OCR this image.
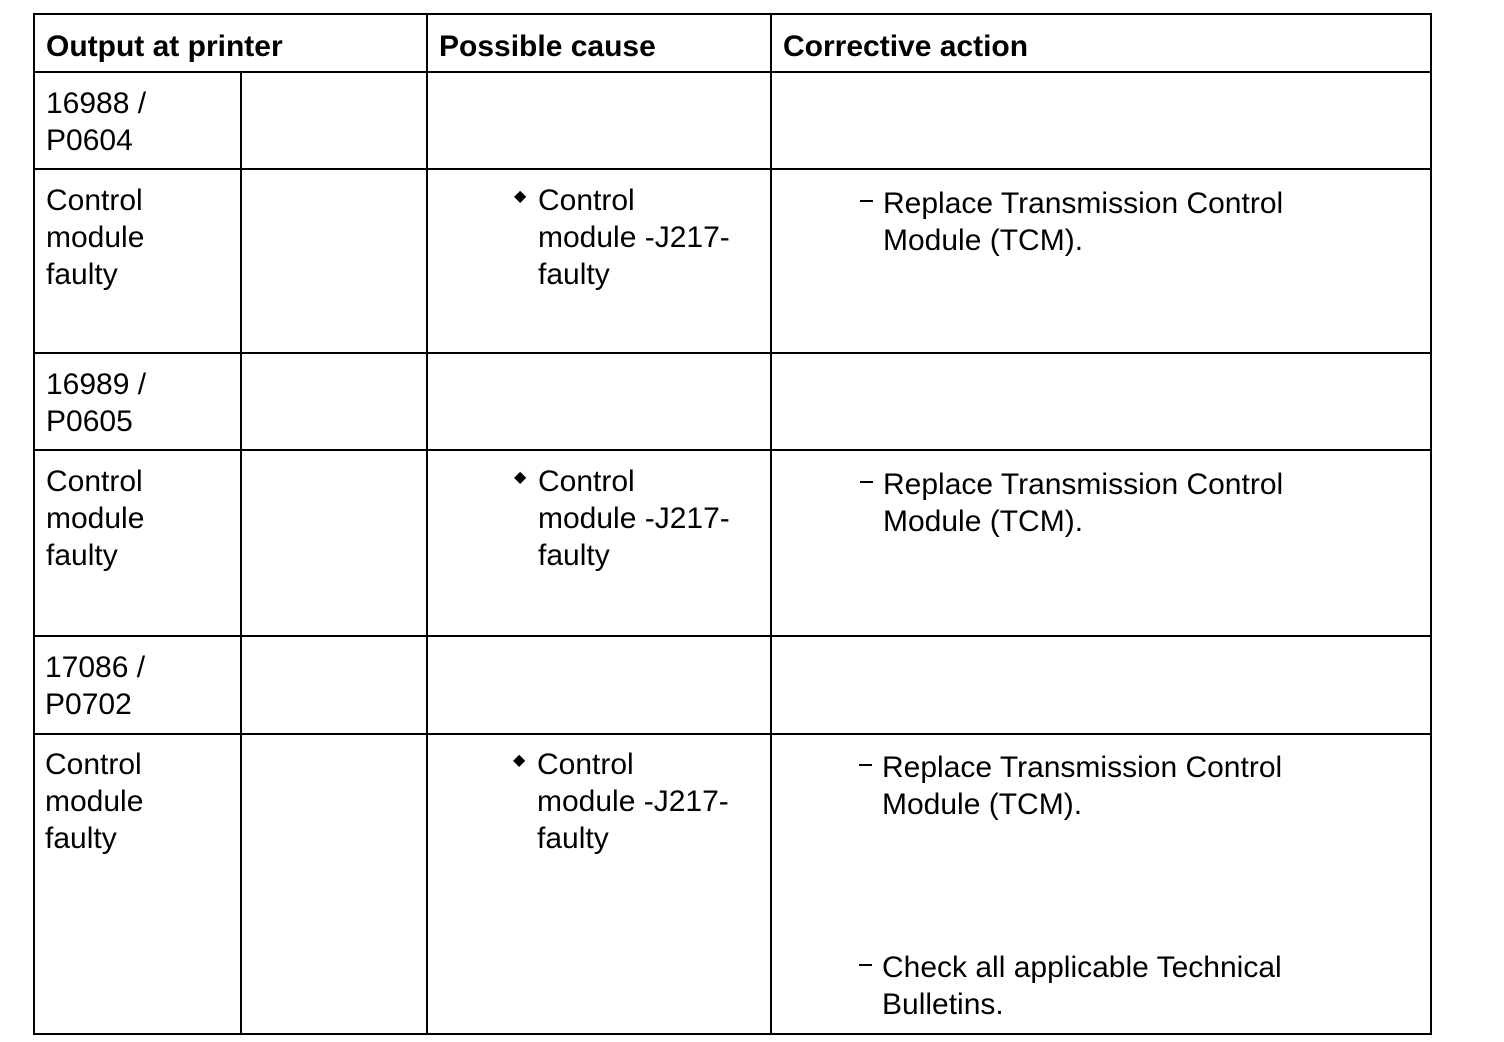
Output at printer	Possible cause	Corrective action
16988 /
P0604
Control
module
faulty
◆ Control
module -J217-
faulty
Replace Transmission Control
Module (TCM).
16989 /
P0605
Control
module
faulty
◆ Control
module -J217-
faulty
Replace Transmission Control
Module (TCM).
17086 /
P0702
Control
module
faulty
◆ Control
module -J217-
faulty
Replace Transmission Control
Module (TCM).
Check all applicable Technical
Bulletins.
